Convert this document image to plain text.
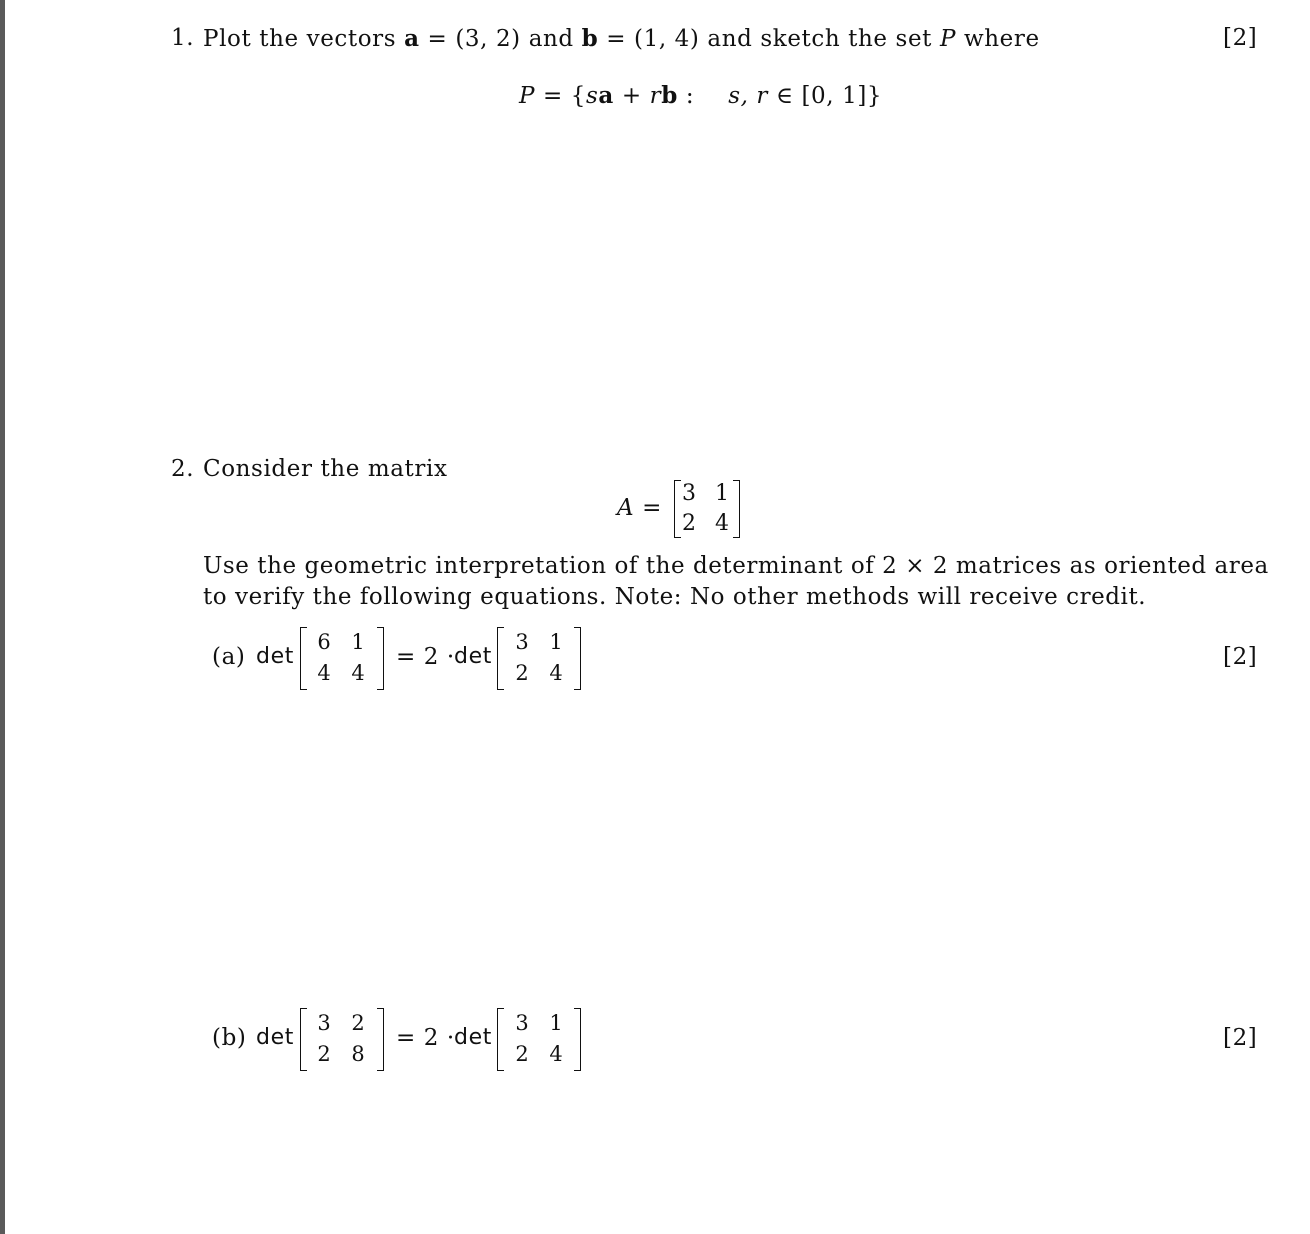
1. Plot the vectors a = (3, 2) and b = (1, 4) and sketch the set P where	[2]
P = {sa + rb : s, r ∈ [0, 1]}
2. Consider the matrix
A =
3 1
2 4
Use the geometric interpretation of the determinant of 2 × 2 matrices as oriented area
to verify the following equations. Note: No other methods will receive credit.
(a) det
6 1
4 4
= 2 · det
3 1
2 4
[2]
(b) det
3 2
2 8
= 2 · det
3 1
2 4
[2]
